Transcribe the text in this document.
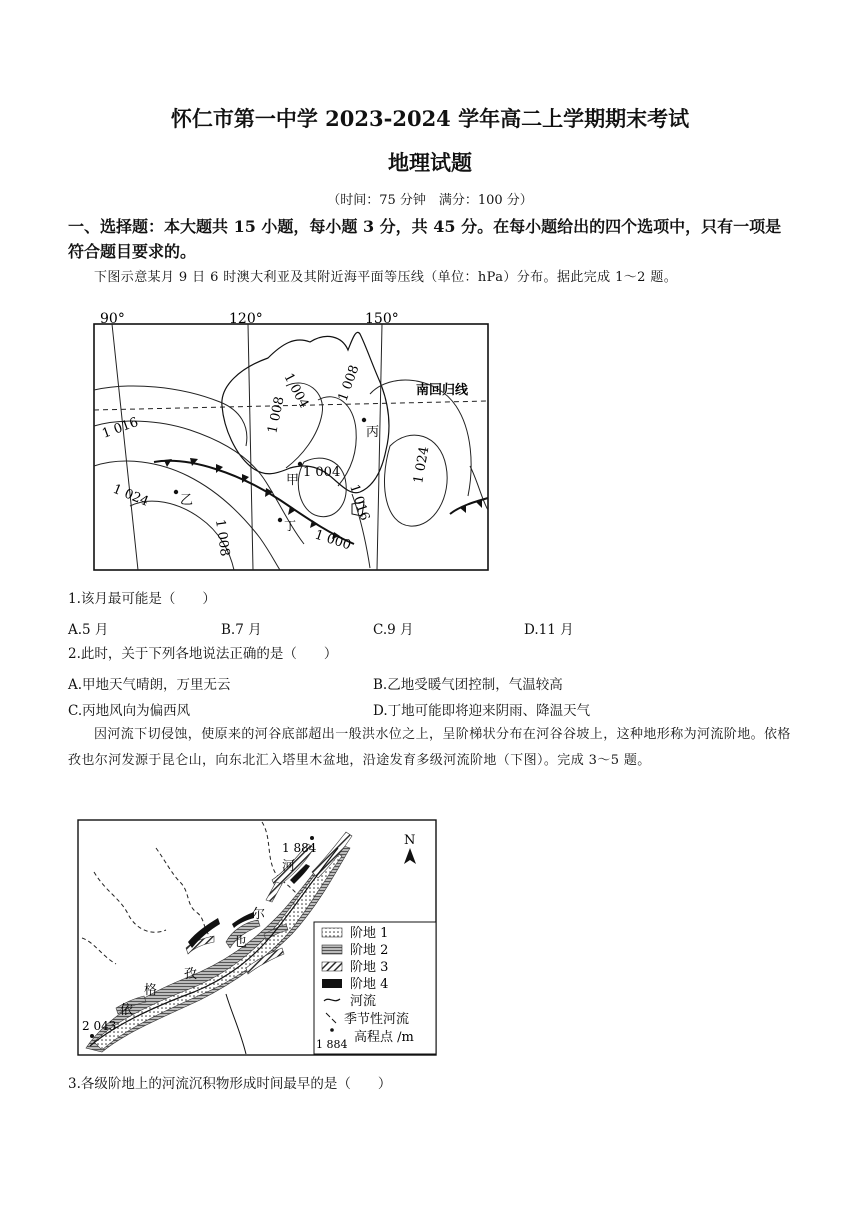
怀仁市第一中学 2023-2024 学年高二上学期期末考试
地理试题
（时间：75 分钟　满分：100 分）
一、选择题：本大题共 15 小题，每小题 3 分，共 45 分。在每小题给出的四个选项中，只有一项是符合题目要求的。
下图示意某月 9 日 6 时澳大利亚及其附近海平面等压线（单位：hPa）分布。据此完成 1～2 题。
90°	120°	150°
南回归线
1 004 1 008
1 016
1 024
1 008
1 004
1 016
1 024
1 000
1 008
甲
乙
丙
丁
1.该月最可能是（　　）
A.5 月	B.7 月	C.9 月	D.11 月
2.此时，关于下列各地说法正确的是（　　）
A.甲地天气晴朗，万里无云	B.乙地受暖气团控制，气温较高
C.丙地风向为偏西风	D.丁地可能即将迎来阴雨、降温天气
因河流下切侵蚀，使原来的河谷底部超出一般洪水位之上，呈阶梯状分布在河谷谷坡上，这种地形称为河流阶地。依格孜也尔河发源于昆仑山，向东北汇入塔里木盆地，沿途发育多级河流阶地（下图）。完成 3～5 题。
1 884
2 043
依
格
孜
也
尔
河
N
阶地 1
阶地 2
阶地 3
阶地 4
河流
季节性河流
1 884 高程点 /m
3.各级阶地上的河流沉积物形成时间最早的是（　　）
